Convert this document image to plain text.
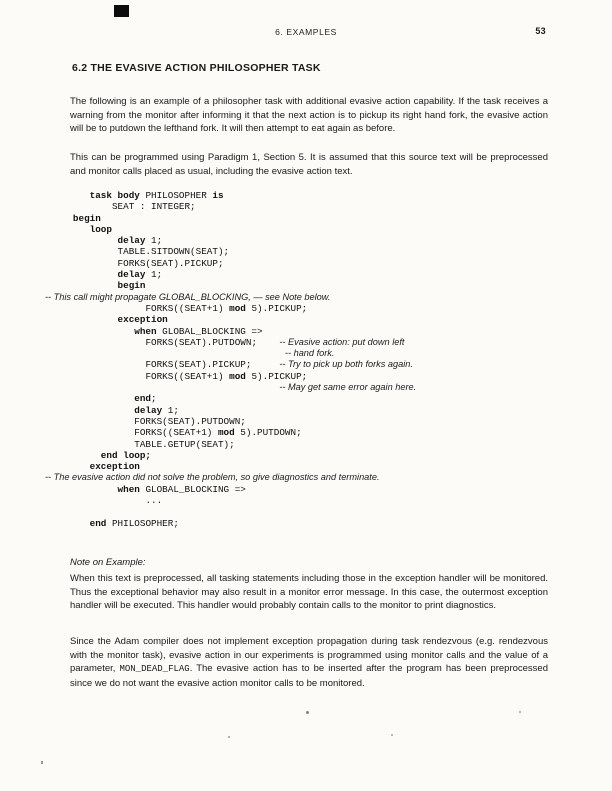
6. EXAMPLES	53
6.2 THE EVASIVE ACTION PHILOSOPHER TASK
The following is an example of a philosopher task with additional evasive action capability. If the task receives a warning from the monitor after informing it that the next action is to pickup its right hand fork, the evasive action will be to putdown the lefthand fork. It will then attempt to eat again as before.
This can be programmed using Paradigm 1, Section 5. It is assumed that this source text will be preprocessed and monitor calls placed as usual, including the evasive action text.
task body PHILOSOPHER is
SEAT : INTEGER;
begin
loop
delay 1;
TABLE.SITDOWN(SEAT);
FORKS(SEAT).PICKUP;
delay 1;
begin
-- This call might propagate GLOBAL_BLOCKING, — see Note below.
FORKS((SEAT+1) mod 5).PICKUP;
exception
when GLOBAL_BLOCKING =>
FORKS(SEAT).PUTDOWN;    -- Evasive action: put down left
-- hand fork.
FORKS(SEAT).PICKUP;     -- Try to pick up both forks again.
FORKS((SEAT+1) mod 5).PICKUP;
-- May get same error again here.
end;
delay 1;
FORKS(SEAT).PUTDOWN;
FORKS((SEAT+1) mod 5).PUTDOWN;
TABLE.GETUP(SEAT);
end loop;
exception
-- The evasive action did not solve the problem, so give diagnostics and terminate.
when GLOBAL_BLOCKING =>
...
end PHILOSOPHER;
Note on Example:
When this text is preprocessed, all tasking statements including those in the exception handler will be monitored. Thus the exceptional behavior may also result in a monitor error message. In this case, the outermost exception handler will be executed. This handler would probably contain calls to the monitor to print diagnostics.
Since the Adam compiler does not implement exception propagation during task rendezvous (e.g. rendezvous with the monitor task), evasive action in our experiments is programmed using monitor calls and the value of a parameter, MON_DEAD_FLAG. The evasive action has to be inserted after the program has been preprocessed since we do not want the evasive action monitor calls to be monitored.
